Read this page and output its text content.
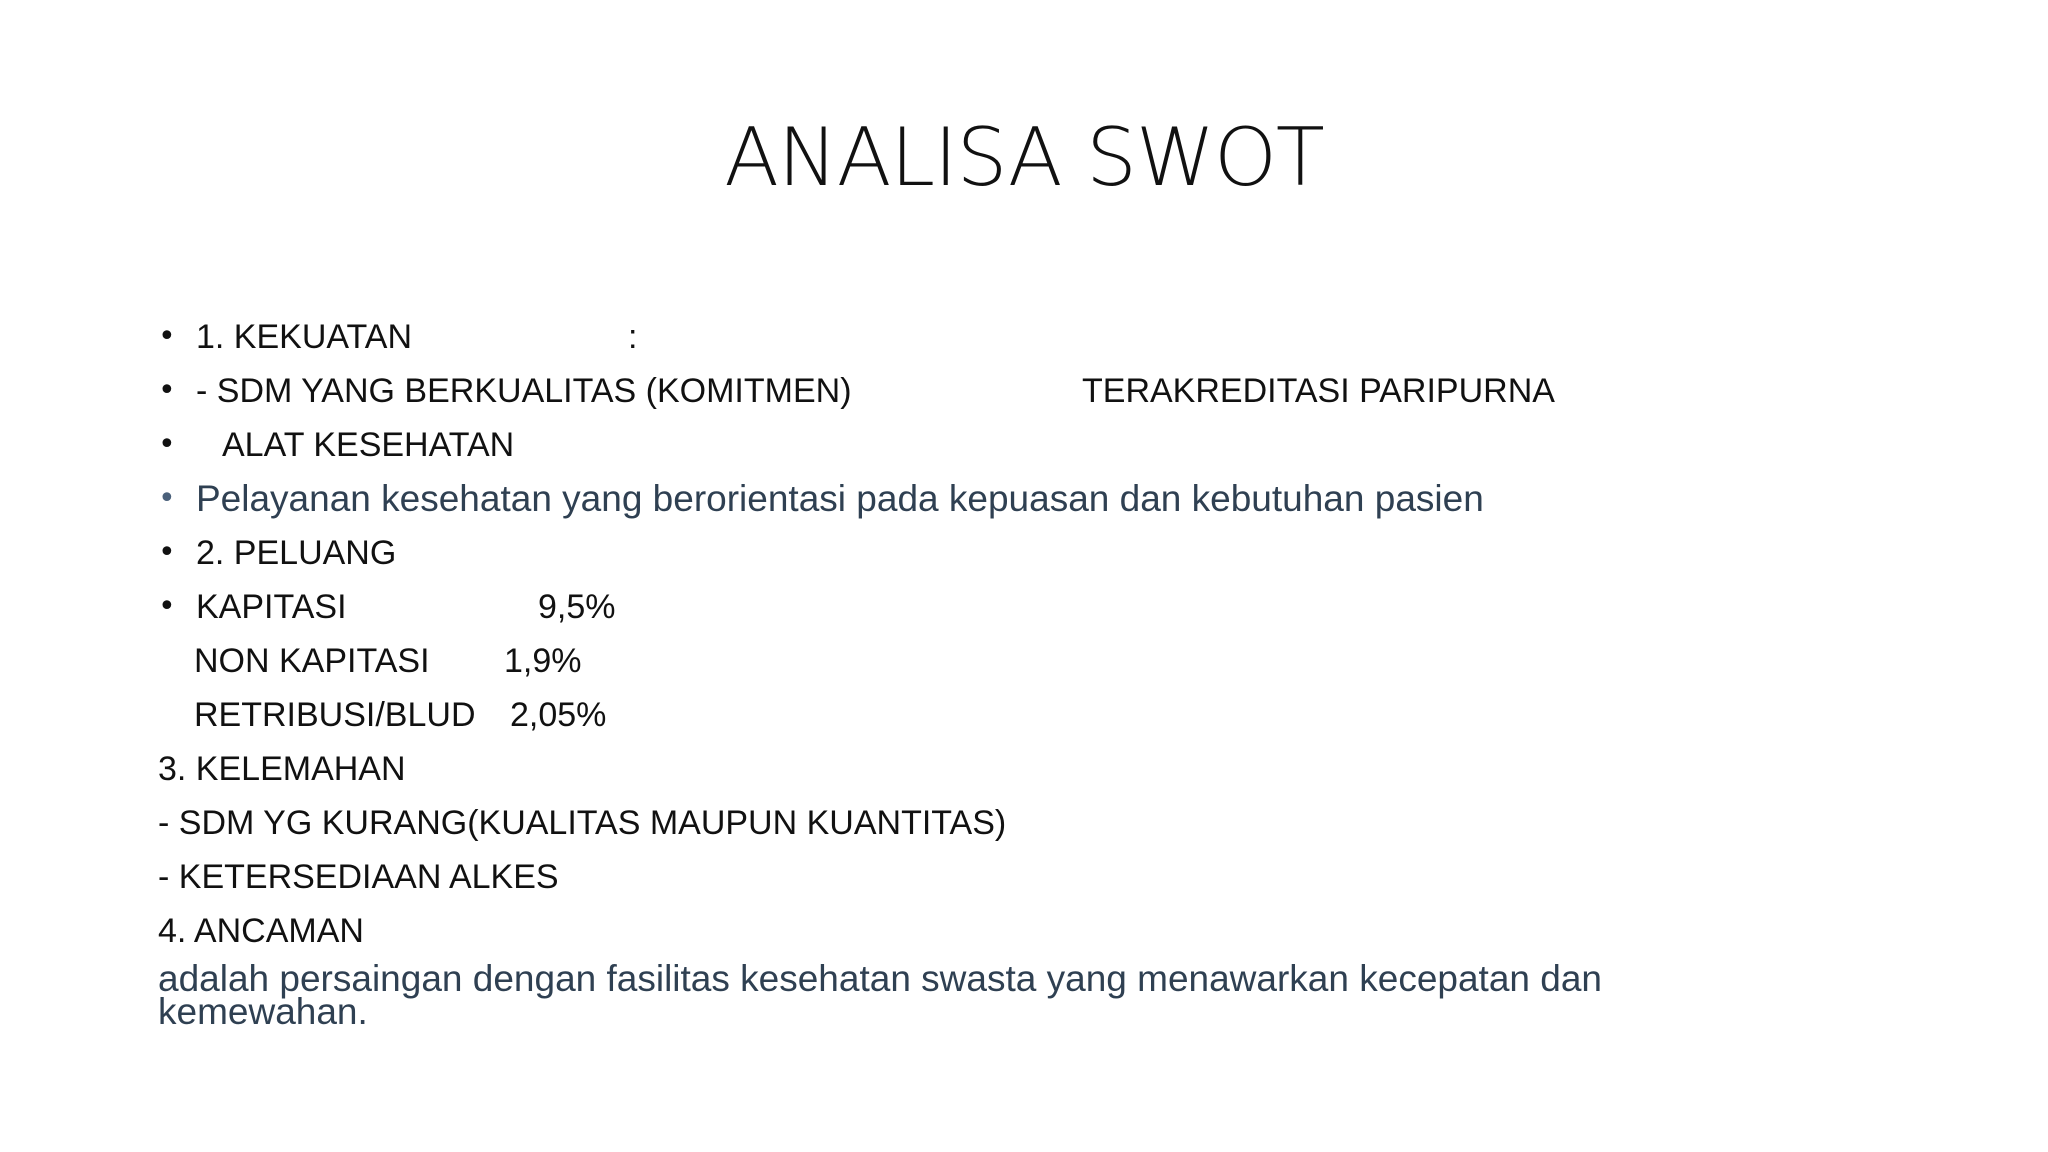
ANALISA SWOT
• 1. KEKUATAN	:
• - SDM YANG BERKUALITAS (KOMITMEN)	TERAKREDITASI PARIPURNA
•	ALAT KESEHATAN
• Pelayanan kesehatan yang berorientasi pada kepuasan dan kebutuhan pasien
• 2. PELUANG
• KAPITASI	9,5%
NON KAPITASI 1,9%
RETRIBUSI/BLUD 2,05%
3. KELEMAHAN
- SDM YG KURANG(KUALITAS MAUPUN KUANTITAS)
- KETERSEDIAAN ALKES
4. ANCAMAN
adalah persaingan dengan fasilitas kesehatan swasta yang menawarkan kecepatan dan kemewahan.
